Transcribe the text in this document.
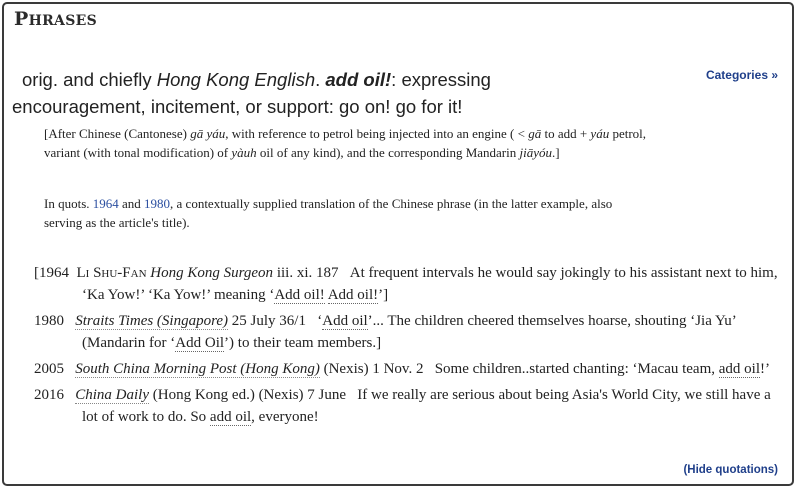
PHRASES
Categories »
orig. and chiefly Hong Kong English. add oil!: expressing
encouragement, incitement, or support: go on! go for it!
[After Chinese (Cantonese) gā yáu, with reference to petrol being injected into an engine ( < gā to add + yáu petrol, variant (with tonal modification) of yàuh oil of any kind), and the corresponding Mandarin jiāyóu.]
In quots. 1964 and 1980, a contextually supplied translation of the Chinese phrase (in the latter example, also serving as the article's title).
[1964 Li Shu-Fan Hong Kong Surgeon iii. xi. 187 At frequent intervals he would say jokingly to his assistant next to him, ‘Ka Yow!’ ‘Ka Yow!’ meaning ‘Add oil! Add oil!’]
1980 Straits Times (Singapore) 25 July 36/1 ‘Add oil’... The children cheered themselves hoarse, shouting ‘Jia Yu’ (Mandarin for ‘Add Oil’) to their team members.]
2005 South China Morning Post (Hong Kong) (Nexis) 1 Nov. 2 Some children..started chanting: ‘Macau team, add oil!’
2016 China Daily (Hong Kong ed.) (Nexis) 7 June If we really are serious about being Asia's World City, we still have a lot of work to do. So add oil, everyone!
(Hide quotations)
